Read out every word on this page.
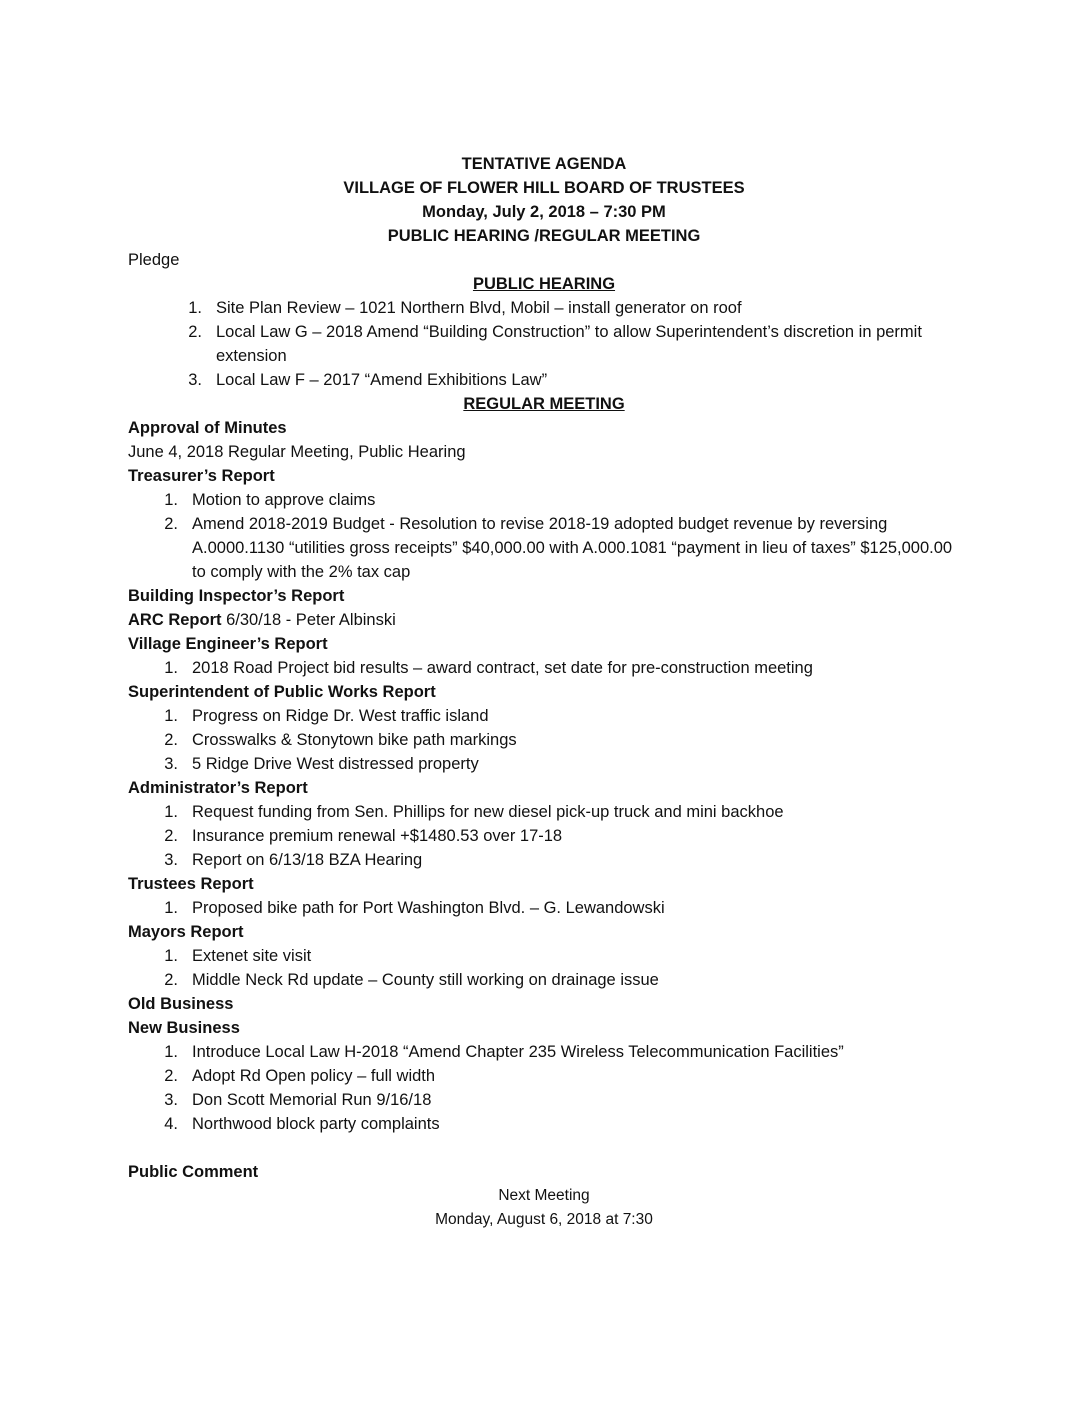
TENTATIVE AGENDA
VILLAGE OF FLOWER HILL BOARD OF TRUSTEES
Monday, July 2, 2018 – 7:30 PM
PUBLIC HEARING /REGULAR MEETING
Pledge
PUBLIC HEARING
1. Site Plan Review – 1021 Northern Blvd, Mobil – install generator on roof
2. Local Law G – 2018 Amend “Building Construction” to allow Superintendent’s discretion in permit extension
3. Local Law F – 2017 “Amend Exhibitions Law”
REGULAR MEETING
Approval of Minutes
June 4, 2018 Regular Meeting, Public Hearing
Treasurer’s Report
1. Motion to approve claims
2. Amend 2018-2019 Budget - Resolution to revise 2018-19 adopted budget revenue by reversing A.0000.1130 “utilities gross receipts” $40,000.00 with A.000.1081 “payment in lieu of taxes” $125,000.00 to comply with the 2% tax cap
Building Inspector’s Report
ARC Report 6/30/18 - Peter Albinski
Village Engineer’s Report
1. 2018 Road Project bid results – award contract, set date for pre-construction meeting
Superintendent of Public Works Report
1. Progress on Ridge Dr. West traffic island
2. Crosswalks & Stonytown bike path markings
3. 5 Ridge Drive West distressed property
Administrator’s Report
1. Request funding from Sen. Phillips for new diesel pick-up truck and mini backhoe
2. Insurance premium renewal +$1480.53 over 17-18
3. Report on 6/13/18 BZA Hearing
Trustees Report
1. Proposed bike path for Port Washington Blvd. – G. Lewandowski
Mayors Report
1. Extenet site visit
2. Middle Neck Rd update – County still working on drainage issue
Old Business
New Business
1. Introduce Local Law H-2018 “Amend Chapter 235 Wireless Telecommunication Facilities”
2. Adopt Rd Open policy – full width
3. Don Scott Memorial Run 9/16/18
4. Northwood block party complaints
Public Comment
Next Meeting
Monday, August 6, 2018 at 7:30
